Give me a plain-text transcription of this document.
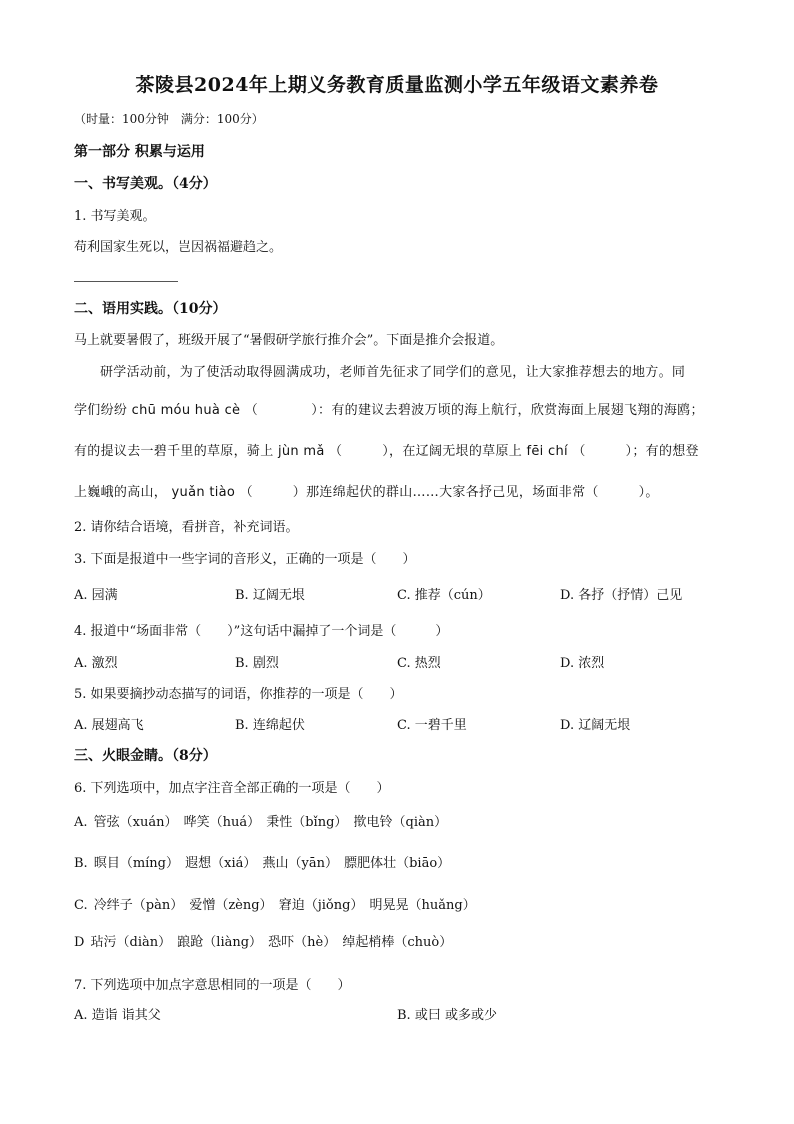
茶陵县2024年上期义务教育质量监测小学五年级语文素养卷
（时量：100分钟　满分：100分）
第一部分 积累与运用
一、书写美观。（4分）
1. 书写美观。
苟利国家生死以，岂因祸福避趋之。
二、语用实践。（10分）
马上就要暑假了，班级开展了“暑假研学旅行推介会”。下面是推介会报道。
研学活动前，为了使活动取得圆满成功，老师首先征求了同学们的意见，让大家推荐想去的地方。同
学们纷纷 chū móu huà cè （　　　　）：有的建议去碧波万顷的海上航行，欣赏海面上展翅飞翔的海鸥；
有的提议去一碧千里的草原，骑上 jùn mǎ （　　　），在辽阔无垠的草原上 fēi chí （　　　）；有的想登
上巍峨的高山， yuǎn tiào （　　　）那连绵起伏的群山……大家各抒己见，场面非常（　　　）。
2. 请你结合语境，看拼音，补充词语。
3. 下面是报道中一些字词的音形义，正确的一项是（　　）
A. 园满	B. 辽阔无垠	C. 推荐（cún）	D. 各抒（抒情）己见
4. 报道中“场面非常（　　）”这句话中漏掉了一个词是（　　　）
A. 激烈	B. 剧烈	C. 热烈	D. 浓烈
5. 如果要摘抄动态描写的词语，你推荐的一项是（　　）
A. 展翅高飞	B. 连绵起伏	C. 一碧千里	D. 辽阔无垠
三、火眼金睛。（8分）
6. 下列选项中，加点字注音全部正确的一项是（　　）
A. 管弦（xuán） 哗笑（huá） 秉性（bǐng） 揿电铃（qiàn）
B. 暝目（míng） 遐想（xiá） 燕山（yān） 膘肥体壮（biāo）
C. 冷绊子（pàn） 爱憎（zèng） 窘迫（jiǒng） 明晃晃（huǎng）
D 玷污（diàn） 踉跄（liàng） 恐吓（hè） 绰起梢棒（chuò）
7. 下列选项中加点字意思相同的一项是（　　）
A. 造诣 诣其父	B. 或曰 或多或少
